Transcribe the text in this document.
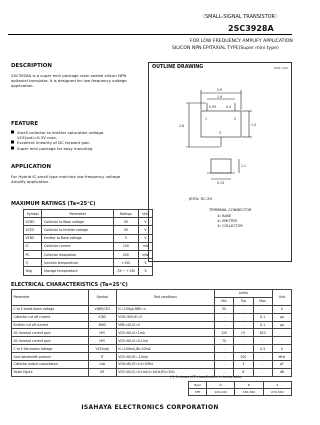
〈SMALL-SIGNAL TRANSISTOR〉
2SC3928A
FOR LOW FREQUENCY AMPLIFY APPLICATION
SILICON NPN EPITAXIAL TYPE(Super mini type)
DESCRIPTION
2SC3928A is a super mini package resin sealed silicon NPN epitaxial transistor. It is designed for low frequency voltage application.
FEATURE
Small collector to emitter saturation voltage.
VCE(sat)=0.3V max.
Excellent linearity of DC forward gain
Super mini package for easy mounting
APPLICATION
For Hybrid IC,small type machine low frequency voltage Amplify application.
MAXIMUM RATINGS (Ta=25℃)
Symbol	Parameter	Ratings	Unit
VCBO	Collector to Base voltage	50	V
VCEO	Collector to Emitter voltage	50	V
VEBO	Emitter to Base voltage	5	V
IC	Collector current	100	mA
PC	Collector dissipation	200	mW
Tj	Junction temperature	+150	℃
Tstg	Storage temperature	-55 ~ +150	℃
OUTLINE DRAWING	Unit: mm
2.9
1.9
0.95	0.4
1.5
2.8
1.1
0.15
1	2
3
JEITA: SC-59
TERMINAL CONNECTOR
①: BASE
②: EMITTER
③: COLLECTOR
ELECTRICAL CHARACTERISTICS (Ta=25℃)
Parameter	Symbol	Test conditions	Limits			Unit
			Min	Typ	Max	
C to E break down voltage	V(BR)CEO	IC=100μA,RBE=∞	50	-	-	V
Collector cut off current	ICBO	VCB=50V,IE=0	-	-	0.1	μA
Emitter cut off current	IEBO	VEB=4V,IC=0	-	-	0.1	μA
DC forward current gain	hFE	VCE=6V,IC=1mA	120	(*)	820	
DC forward current gain	hFE	VCE=6V,IC=0.1mA	70	-	-	
C to E Saturation Voltage	VCE(sat)	IC=100mA,IB=10mA	-	-	0.3	V
Gain bandwidth product	fT	VCE=6V,IE=-10mA	-	200	-	MHz
Collector output capacitance	Cob	VCB=6V,IE=0,f=1MHz	-	3	-	pF
Noise Figure	NF	VCE=6V,IC=0.1mA,f=1kHz,RG=2kΩ	-	6	-	dB
(*): It shows hFE classification in below table.
Item	Q	R	S
hFE	120-240	180-360	270-540
ISAHAYA ELECTRONICS CORPORATION
